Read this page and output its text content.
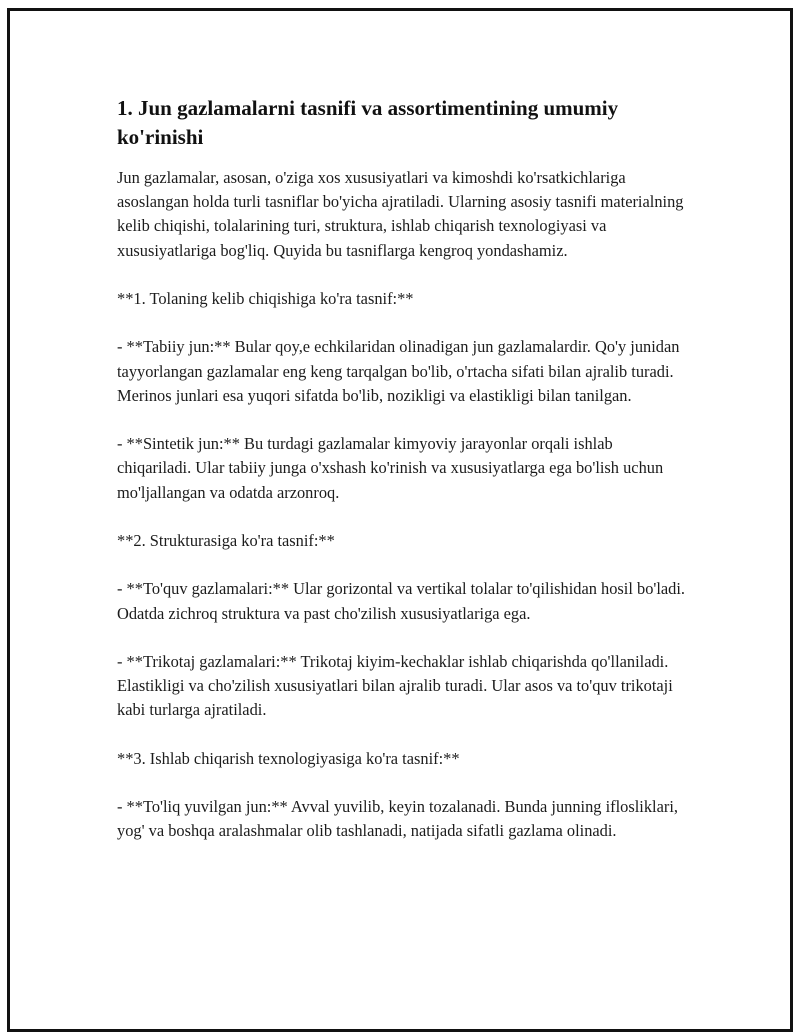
1. Jun gazlamalarni tasnifi va assortimentining umumiy ko'rinishi

Jun gazlamalar, asosan, o'ziga xos xususiyatlari va kimoshdi ko'rsatkichlariga asoslangan holda turli tasniflar bo'yicha ajratiladi. Ularning asosiy tasnifi materialning kelib chiqishi, tolalarining turi, struktura, ishlab chiqarish texnologiyasi va xususiyatlariga bog'liq. Quyida bu tasniflarga kengroq yondashamiz.

**1. Tolaning kelib chiqishiga ko'ra tasnif:**

- **Tabiiy jun:** Bular qoy,e echkilaridan olinadigan jun gazlamalardir. Qo'y junidan tayyorlangan gazlamalar eng keng tarqalgan bo'lib, o'rtacha sifati bilan ajralib turadi. Merinos junlari esa yuqori sifatda bo'lib, nozikligi va elastikligi bilan tanilgan.

- **Sintetik jun:** Bu turdagi gazlamalar kimyoviy jarayonlar orqali ishlab chiqariladi. Ular tabiiy junga o'xshash ko'rinish va xususiyatlarga ega bo'lish uchun mo'ljallangan va odatda arzonroq.

**2. Strukturasiga ko'ra tasnif:**

- **To'quv gazlamalari:** Ular gorizontal va vertikal tolalar to'qilishidan hosil bo'ladi. Odatda zichroq struktura va past cho'zilish xususiyatlariga ega.

- **Trikotaj gazlamalari:** Trikotaj kiyim-kechaklar ishlab chiqarishda qo'llaniladi. Elastikligi va cho'zilish xususiyatlari bilan ajralib turadi. Ular asos va to'quv trikotaji kabi turlarga ajratiladi.

**3. Ishlab chiqarish texnologiyasiga ko'ra tasnif:**

- **To'liq yuvilgan jun:** Avval yuvilib, keyin tozalanadi. Bunda junning iflosliklari, yog' va boshqa aralashmalar olib tashlanadi, natijada sifatli gazlama olinadi.
